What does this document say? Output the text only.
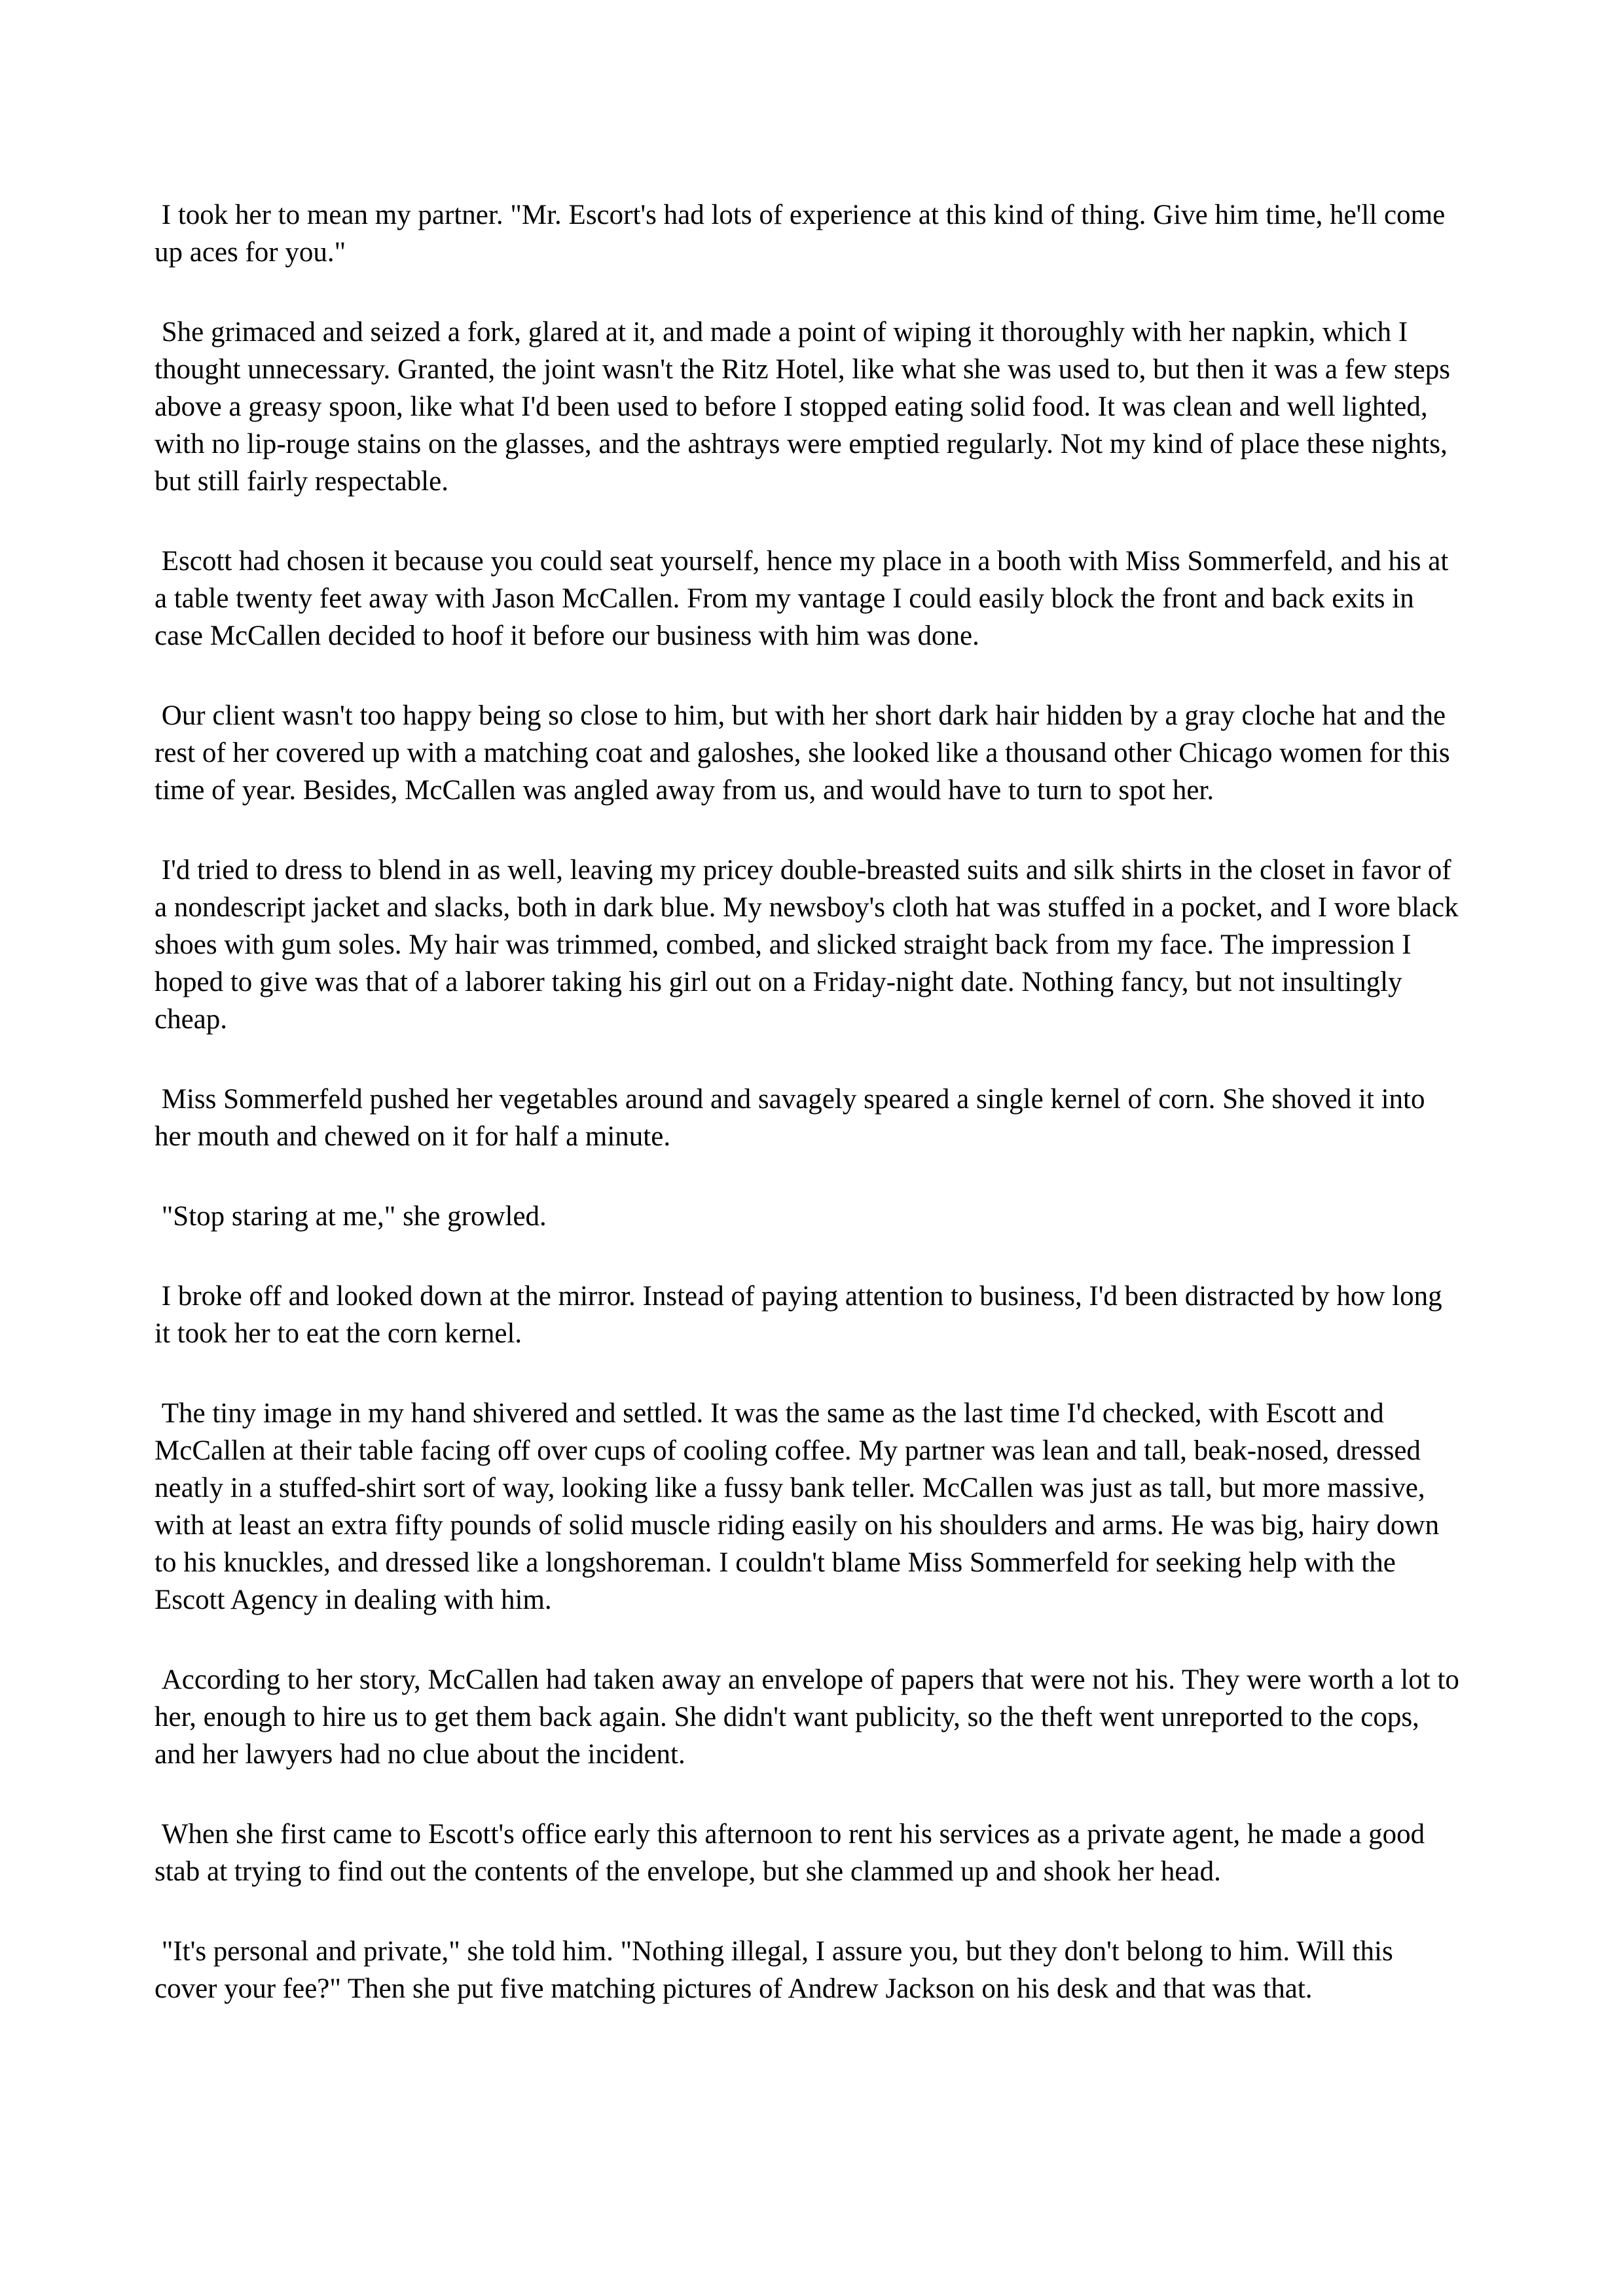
I took her to mean my partner. "Mr. Escort's had lots of experience at this kind of thing. Give him time, he'll come up aces for you."

She grimaced and seized a fork, glared at it, and made a point of wiping it thoroughly with her napkin, which I thought unnecessary. Granted, the joint wasn't the Ritz Hotel, like what she was used to, but then it was a few steps above a greasy spoon, like what I'd been used to before I stopped eating solid food. It was clean and well lighted, with no lip-rouge stains on the glasses, and the ashtrays were emptied regularly. Not my kind of place these nights, but still fairly respectable.

Escott had chosen it because you could seat yourself, hence my place in a booth with Miss Sommerfeld, and his at a table twenty feet away with Jason McCallen. From my vantage I could easily block the front and back exits in case McCallen decided to hoof it before our business with him was done.

Our client wasn't too happy being so close to him, but with her short dark hair hidden by a gray cloche hat and the rest of her covered up with a matching coat and galoshes, she looked like a thousand other Chicago women for this time of year. Besides, McCallen was angled away from us, and would have to turn to spot her.

I'd tried to dress to blend in as well, leaving my pricey double-breasted suits and silk shirts in the closet in favor of a nondescript jacket and slacks, both in dark blue. My newsboy's cloth hat was stuffed in a pocket, and I wore black shoes with gum soles. My hair was trimmed, combed, and slicked straight back from my face. The impression I hoped to give was that of a laborer taking his girl out on a Friday-night date. Nothing fancy, but not insultingly cheap.

Miss Sommerfeld pushed her vegetables around and savagely speared a single kernel of corn. She shoved it into her mouth and chewed on it for half a minute.

"Stop staring at me," she growled.

I broke off and looked down at the mirror. Instead of paying attention to business, I'd been distracted by how long it took her to eat the corn kernel.

The tiny image in my hand shivered and settled. It was the same as the last time I'd checked, with Escott and McCallen at their table facing off over cups of cooling coffee. My partner was lean and tall, beak-nosed, dressed neatly in a stuffed-shirt sort of way, looking like a fussy bank teller. McCallen was just as tall, but more massive, with at least an extra fifty pounds of solid muscle riding easily on his shoulders and arms. He was big, hairy down to his knuckles, and dressed like a longshoreman. I couldn't blame Miss Sommerfeld for seeking help with the Escott Agency in dealing with him.

According to her story, McCallen had taken away an envelope of papers that were not his. They were worth a lot to her, enough to hire us to get them back again. She didn't want publicity, so the theft went unreported to the cops, and her lawyers had no clue about the incident.

When she first came to Escott's office early this afternoon to rent his services as a private agent, he made a good stab at trying to find out the contents of the envelope, but she clammed up and shook her head.

"It's personal and private," she told him. "Nothing illegal, I assure you, but they don't belong to him. Will this cover your fee?" Then she put five matching pictures of Andrew Jackson on his desk and that was that.
